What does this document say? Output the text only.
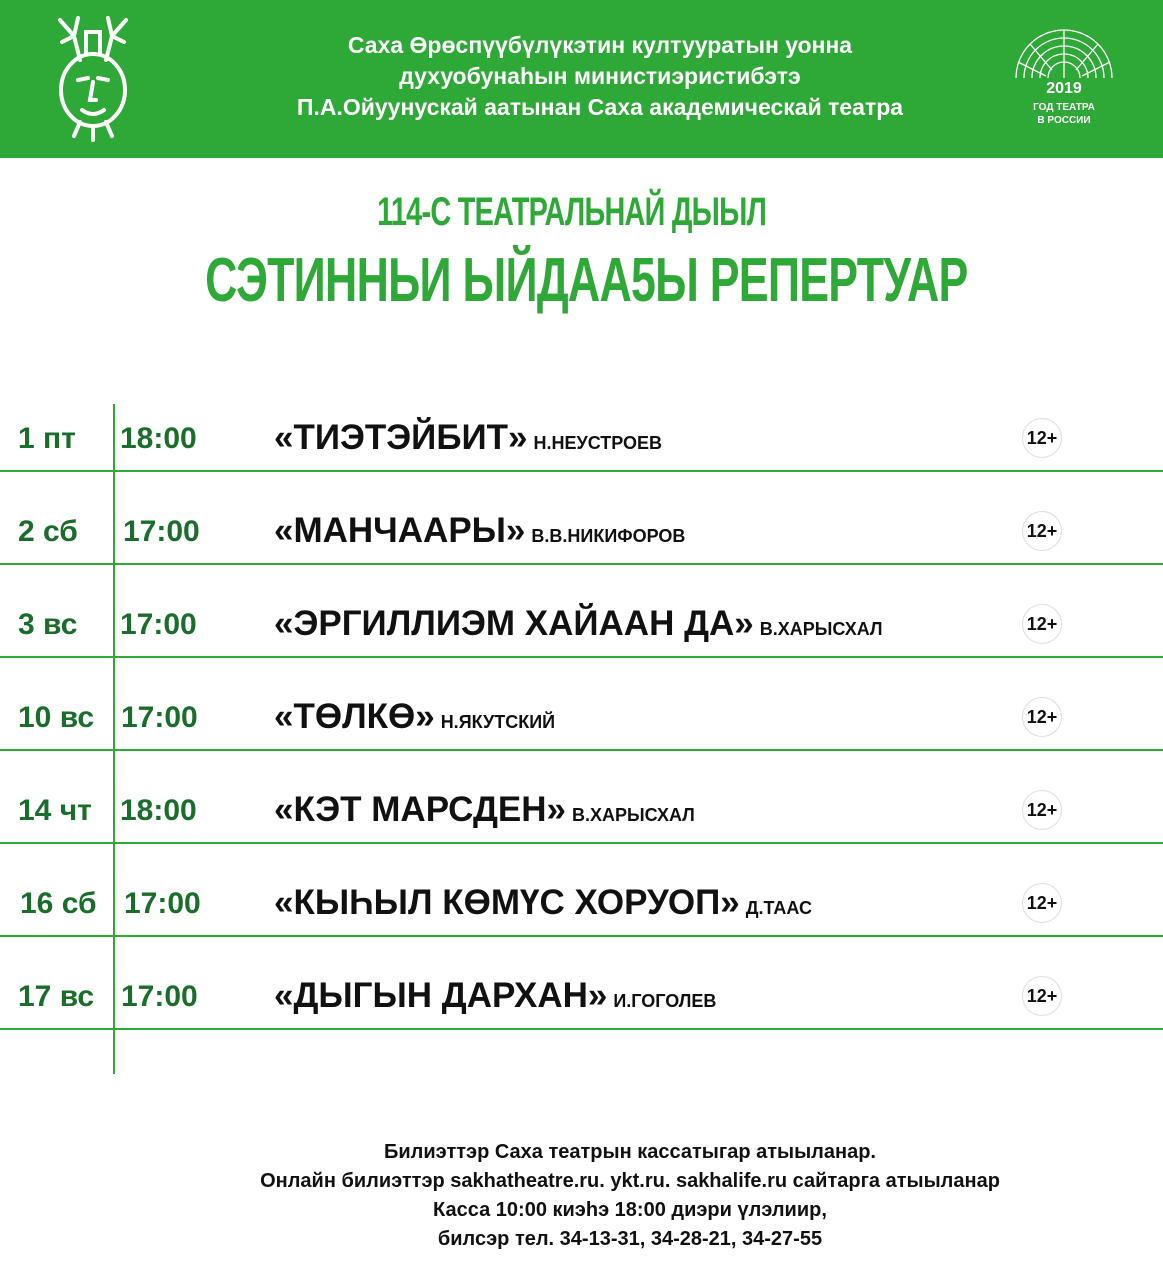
Саха Өрөспүүбүлүкэтин култууратын уонна
духуобунаһын министиэристибэтэ
П.А.Ойуунускай аатынан Саха академическай театра
2019
ГОД ТЕАТРА
В РОССИИ
114-С ТЕАТРАЛЬНАЙ ДЫЫЛ
СЭТИННЬИ ЫЙДАА5Ы РЕПЕРТУАР
1 пт 18:00 «ТИЭТЭЙБИТ» Н.НЕУСТРОЕВ	12+
2 сб 17:00 «МАНЧААРЫ» В.В.НИКИФОРОВ	12+
3 вс 17:00 «ЭРГИЛЛИЭМ ХАЙААН ДА» В.ХАРЫСХАЛ	12+
10 вс 17:00 «ТӨЛКӨ» Н.ЯКУТСКИЙ	12+
14 чт 18:00 «КЭТ МАРСДЕН» В.ХАРЫСХАЛ	12+
16 сб 17:00 «КЫҺЫЛ КӨМҮС ХОРУОП» Д.ТААС	12+
17 вс 17:00 «ДЫГЫН ДАРХАН» И.ГОГОЛЕВ	12+
Билиэттэр Саха театрын кассатыгар атыыланар.
Онлайн билиэттэр sakhatheatre.ru. ykt.ru. sakhalife.ru сайтарга атыыланар
Касса 10:00 киэhэ 18:00 диэри үлэлиир,
билсэр тел. 34-13-31, 34-28-21, 34-27-55
